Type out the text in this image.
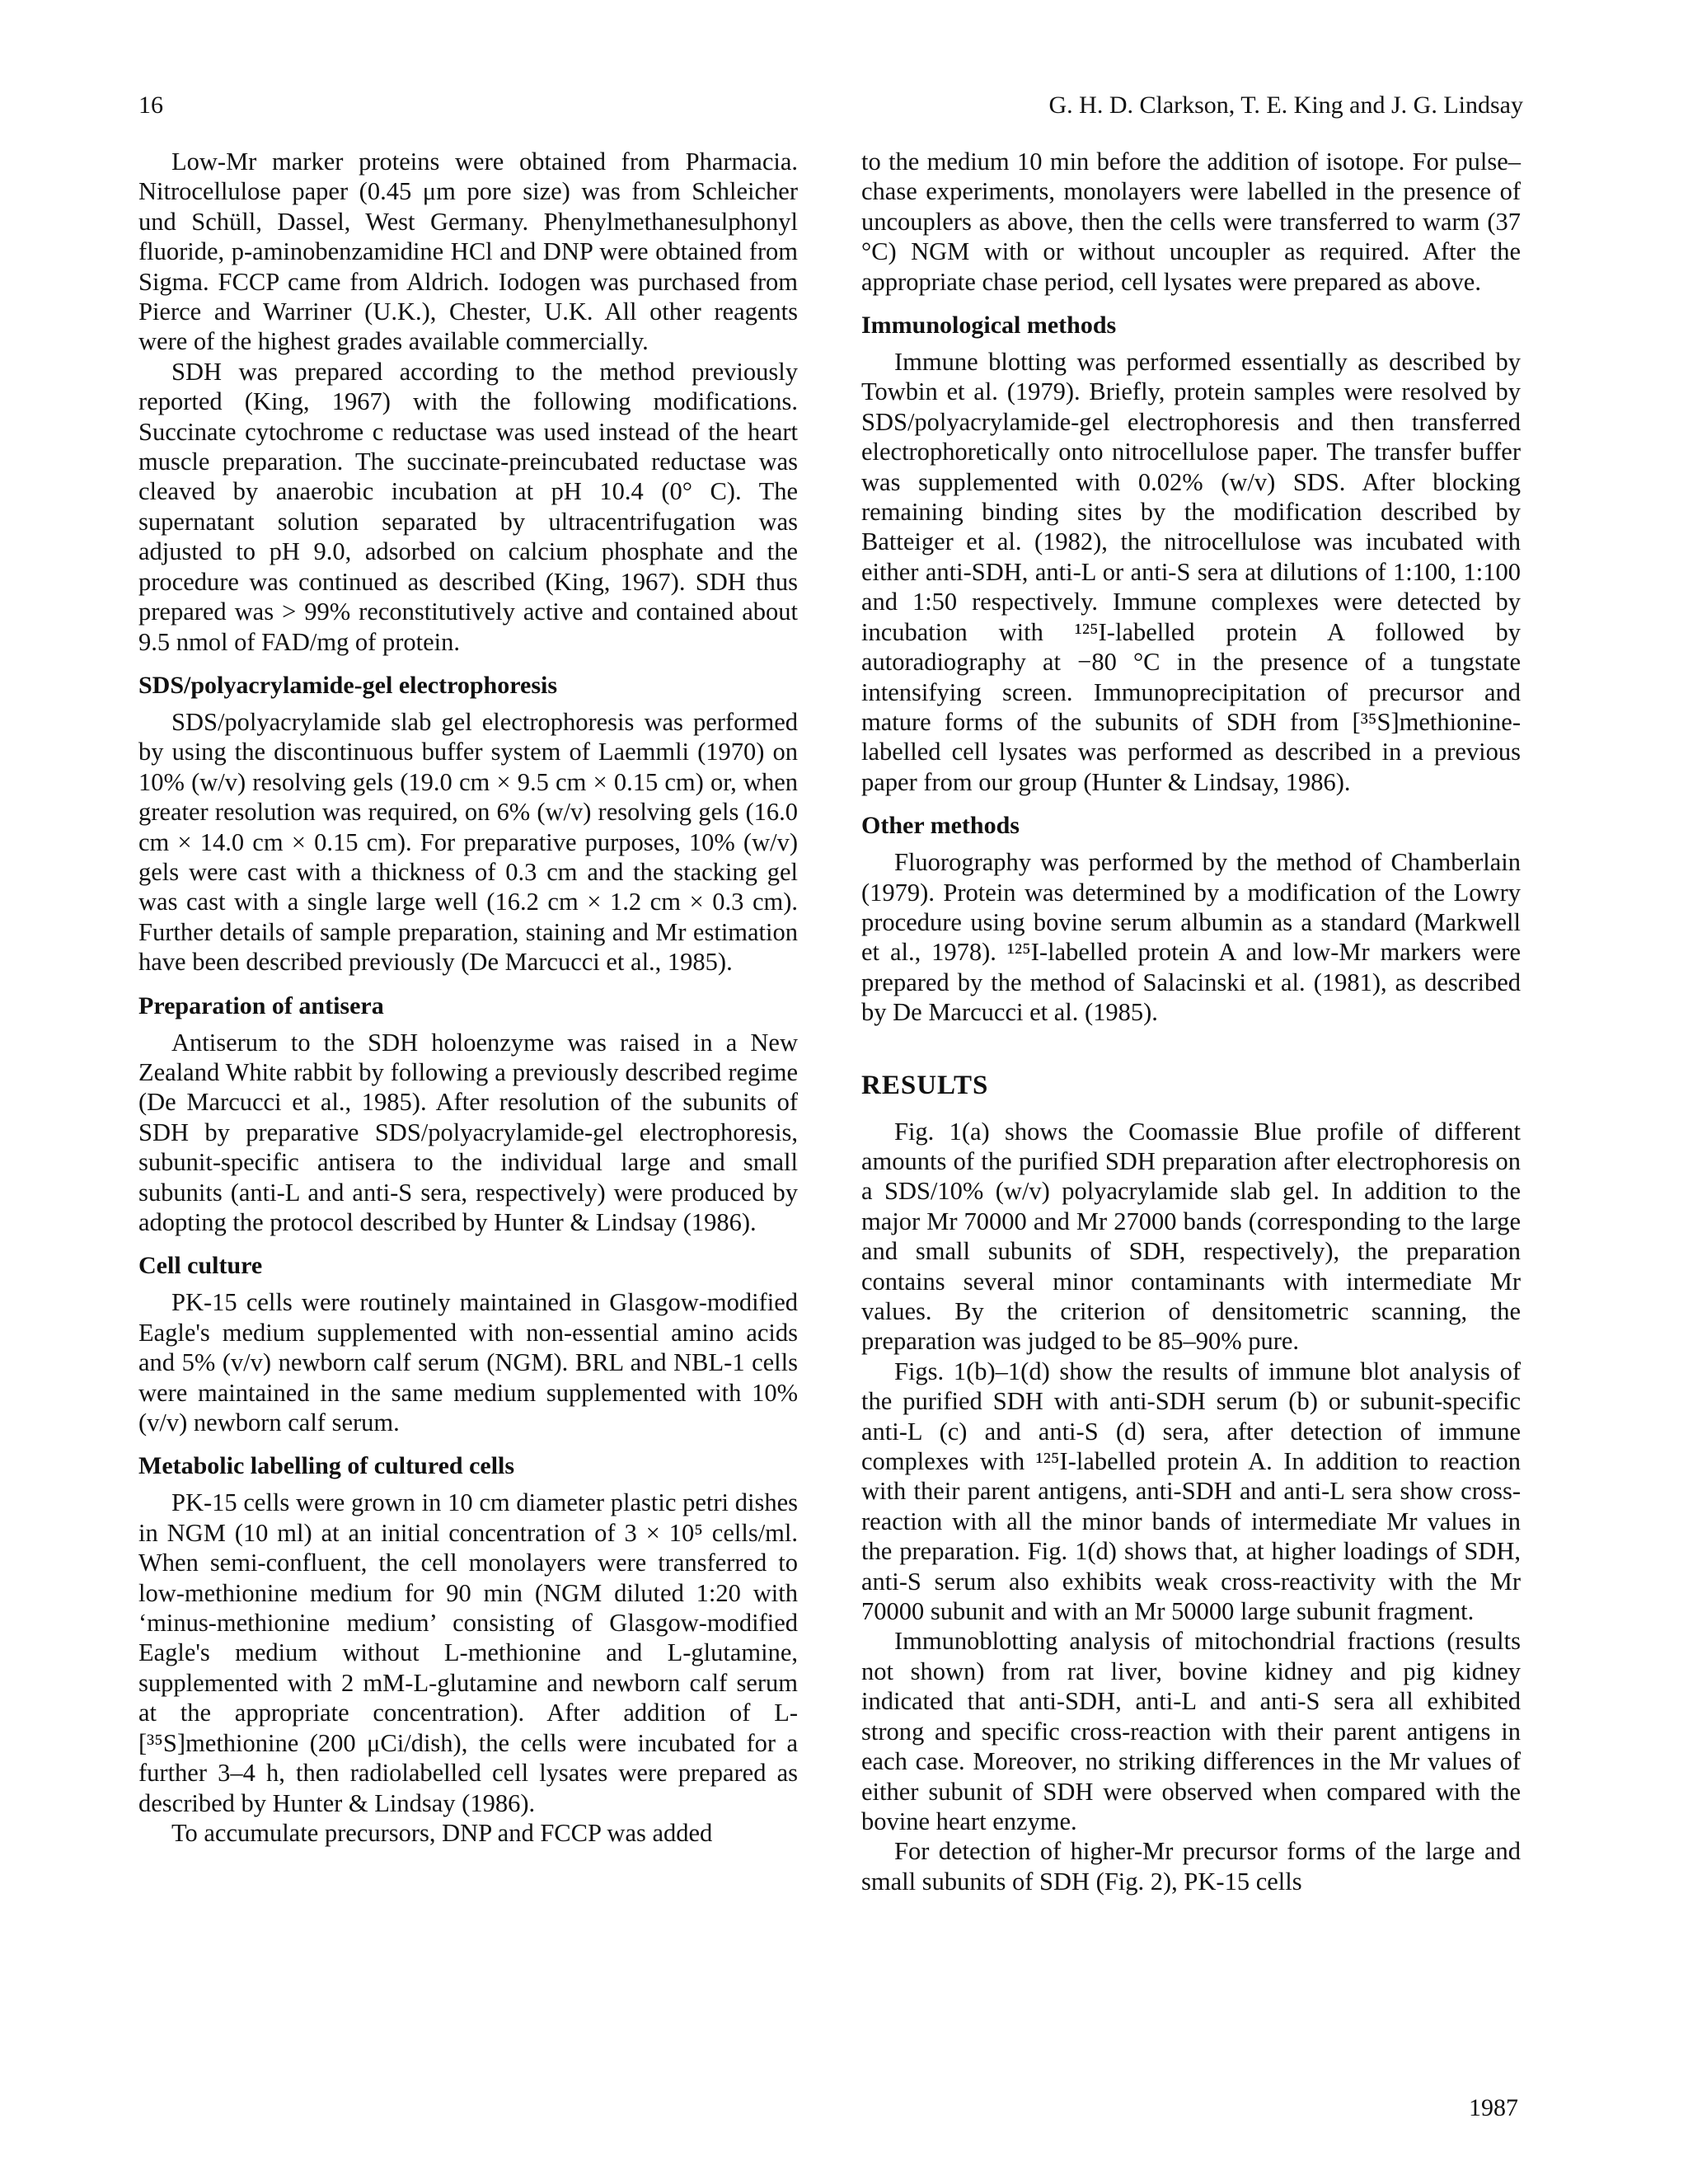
16	G. H. D. Clarkson, T. E. King and J. G. Lindsay

Low-Mr marker proteins were obtained from Pharmacia. Nitrocellulose paper (0.45 μm pore size) was from Schleicher und Schüll, Dassel, West Germany. Phenylmethanesulphonyl fluoride, p-aminobenzamidine HCl and DNP were obtained from Sigma. FCCP came from Aldrich. Iodogen was purchased from Pierce and Warriner (U.K.), Chester, U.K. All other reagents were of the highest grades available commercially.

SDH was prepared according to the method previously reported (King, 1967) with the following modifications. Succinate cytochrome c reductase was used instead of the heart muscle preparation. The succinate-preincubated reductase was cleaved by anaerobic incubation at pH 10.4 (0° C). The supernatant solution separated by ultracentrifugation was adjusted to pH 9.0, adsorbed on calcium phosphate and the procedure was continued as described (King, 1967). SDH thus prepared was > 99% reconstitutively active and contained about 9.5 nmol of FAD/mg of protein.

SDS/polyacrylamide-gel electrophoresis

SDS/polyacrylamide slab gel electrophoresis was performed by using the discontinuous buffer system of Laemmli (1970) on 10% (w/v) resolving gels (19.0 cm × 9.5 cm × 0.15 cm) or, when greater resolution was required, on 6% (w/v) resolving gels (16.0 cm × 14.0 cm × 0.15 cm). For preparative purposes, 10% (w/v) gels were cast with a thickness of 0.3 cm and the stacking gel was cast with a single large well (16.2 cm × 1.2 cm × 0.3 cm). Further details of sample preparation, staining and Mr estimation have been described previously (De Marcucci et al., 1985).

Preparation of antisera

Antiserum to the SDH holoenzyme was raised in a New Zealand White rabbit by following a previously described regime (De Marcucci et al., 1985). After resolution of the subunits of SDH by preparative SDS/polyacrylamide-gel electrophoresis, subunit-specific antisera to the individual large and small subunits (anti-L and anti-S sera, respectively) were produced by adopting the protocol described by Hunter & Lindsay (1986).

Cell culture

PK-15 cells were routinely maintained in Glasgow-modified Eagle's medium supplemented with non-essential amino acids and 5% (v/v) newborn calf serum (NGM). BRL and NBL-1 cells were maintained in the same medium supplemented with 10% (v/v) newborn calf serum.

Metabolic labelling of cultured cells

PK-15 cells were grown in 10 cm diameter plastic petri dishes in NGM (10 ml) at an initial concentration of 3 × 10⁵ cells/ml. When semi-confluent, the cell monolayers were transferred to low-methionine medium for 90 min (NGM diluted 1:20 with ‘minus-methionine medium’ consisting of Glasgow-modified Eagle's medium without L-methionine and L-glutamine, supplemented with 2 mM-L-glutamine and newborn calf serum at the appropriate concentration). After addition of L-[³⁵S]methionine (200 μCi/dish), the cells were incubated for a further 3–4 h, then radiolabelled cell lysates were prepared as described by Hunter & Lindsay (1986).

To accumulate precursors, DNP and FCCP was added

to the medium 10 min before the addition of isotope. For pulse–chase experiments, monolayers were labelled in the presence of uncouplers as above, then the cells were transferred to warm (37 °C) NGM with or without uncoupler as required. After the appropriate chase period, cell lysates were prepared as above.

Immunological methods

Immune blotting was performed essentially as described by Towbin et al. (1979). Briefly, protein samples were resolved by SDS/polyacrylamide-gel electrophoresis and then transferred electrophoretically onto nitrocellulose paper. The transfer buffer was supplemented with 0.02% (w/v) SDS. After blocking remaining binding sites by the modification described by Batteiger et al. (1982), the nitrocellulose was incubated with either anti-SDH, anti-L or anti-S sera at dilutions of 1:100, 1:100 and 1:50 respectively. Immune complexes were detected by incubation with ¹²⁵I-labelled protein A followed by autoradiography at −80 °C in the presence of a tungstate intensifying screen. Immunoprecipitation of precursor and mature forms of the subunits of SDH from [³⁵S]methionine-labelled cell lysates was performed as described in a previous paper from our group (Hunter & Lindsay, 1986).

Other methods

Fluorography was performed by the method of Chamberlain (1979). Protein was determined by a modification of the Lowry procedure using bovine serum albumin as a standard (Markwell et al., 1978). ¹²⁵I-labelled protein A and low-Mr markers were prepared by the method of Salacinski et al. (1981), as described by De Marcucci et al. (1985).

RESULTS

Fig. 1(a) shows the Coomassie Blue profile of different amounts of the purified SDH preparation after electrophoresis on a SDS/10% (w/v) polyacrylamide slab gel. In addition to the major Mr 70000 and Mr 27000 bands (corresponding to the large and small subunits of SDH, respectively), the preparation contains several minor contaminants with intermediate Mr values. By the criterion of densitometric scanning, the preparation was judged to be 85–90% pure.

Figs. 1(b)–1(d) show the results of immune blot analysis of the purified SDH with anti-SDH serum (b) or subunit-specific anti-L (c) and anti-S (d) sera, after detection of immune complexes with ¹²⁵I-labelled protein A. In addition to reaction with their parent antigens, anti-SDH and anti-L sera show cross-reaction with all the minor bands of intermediate Mr values in the preparation. Fig. 1(d) shows that, at higher loadings of SDH, anti-S serum also exhibits weak cross-reactivity with the Mr 70000 subunit and with an Mr 50000 large subunit fragment.

Immunoblotting analysis of mitochondrial fractions (results not shown) from rat liver, bovine kidney and pig kidney indicated that anti-SDH, anti-L and anti-S sera all exhibited strong and specific cross-reaction with their parent antigens in each case. Moreover, no striking differences in the Mr values of either subunit of SDH were observed when compared with the bovine heart enzyme.

For detection of higher-Mr precursor forms of the large and small subunits of SDH (Fig. 2), PK-15 cells

1987
